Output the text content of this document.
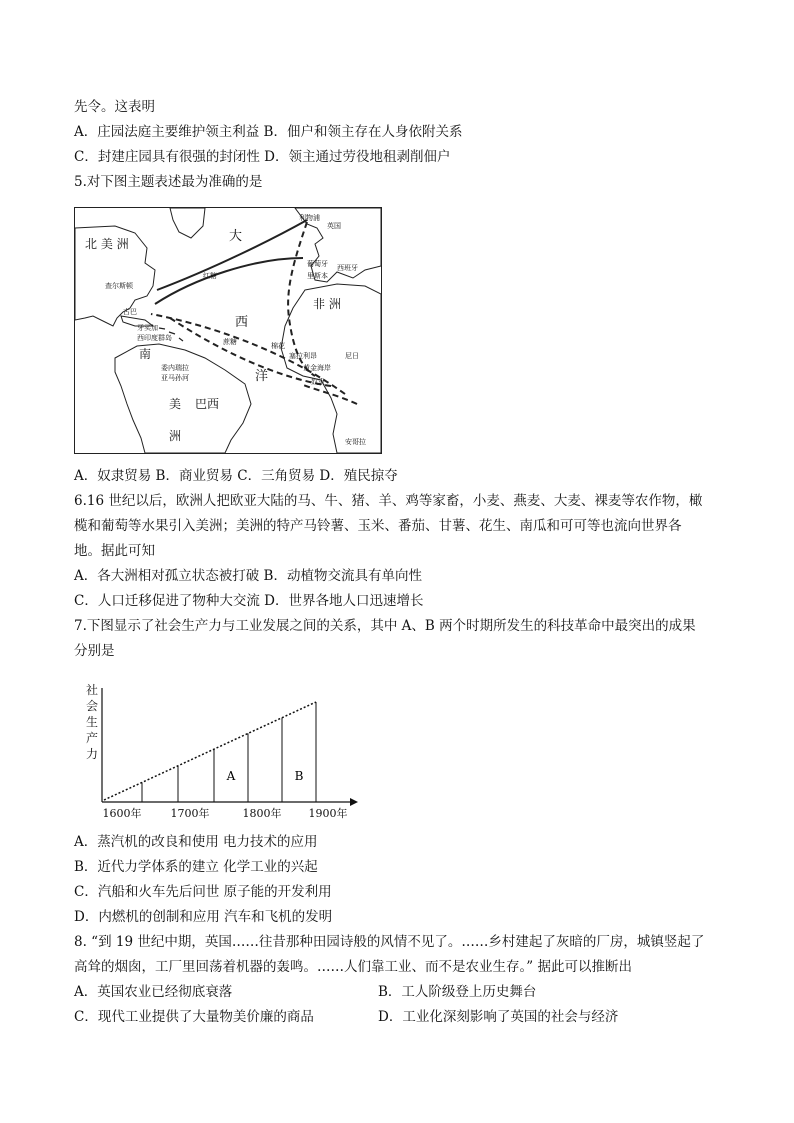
先令。这表明
A．庄园法庭主要维护领主利益 B．佃户和领主存在人身依附关系
C．封建庄园具有很强的封闭性 D．领主通过劳役地租剥削佃户
5.对下图主题表述最为准确的是
北 美 洲	大
西
洋
利物浦
英国
葡萄牙 西班牙
里斯本
查尔斯顿
古巴
牙买加
西印度群岛
红糖
蔗糖
非 洲
棉花
塞拉利昂
黄金海岸
奴隶
尼日
安哥拉
南
委内瑞拉
亚马孙河
美 巴西
洲
A．奴隶贸易 B．商业贸易 C．三角贸易 D．殖民掠夺
6.16 世纪以后，欧洲人把欧亚大陆的马、牛、猪、羊、鸡等家畜，小麦、燕麦、大麦、裸麦等农作物，橄
榄和葡萄等水果引入美洲；美洲的特产马铃薯、玉米、番茄、甘薯、花生、南瓜和可可等也流向世界各
地。据此可知
A．各大洲相对孤立状态被打破 B．动植物交流具有单向性
C．人口迁移促进了物种大交流 D．世界各地人口迅速增长
7.下图显示了社会生产力与工业发展之间的关系，其中 A、B 两个时期所发生的科技革命中最突出的成果
分别是
社
会
生
产
力
1600年	1700年	1800年 1900年
A	B
A．蒸汽机的改良和使用 电力技术的应用
B．近代力学体系的建立 化学工业的兴起
C．汽船和火车先后问世 原子能的开发利用
D．内燃机的创制和应用 汽车和飞机的发明
8. “到 19 世纪中期，英国……往昔那种田园诗般的风情不见了。……乡村建起了灰暗的厂房，城镇竖起了
高耸的烟囱，工厂里回荡着机器的轰鸣。……人们靠工业、而不是农业生存。” 据此可以推断出
A．英国农业已经彻底衰落	B．工人阶级登上历史舞台
C．现代工业提供了大量物美价廉的商品	D．工业化深刻影响了英国的社会与经济
